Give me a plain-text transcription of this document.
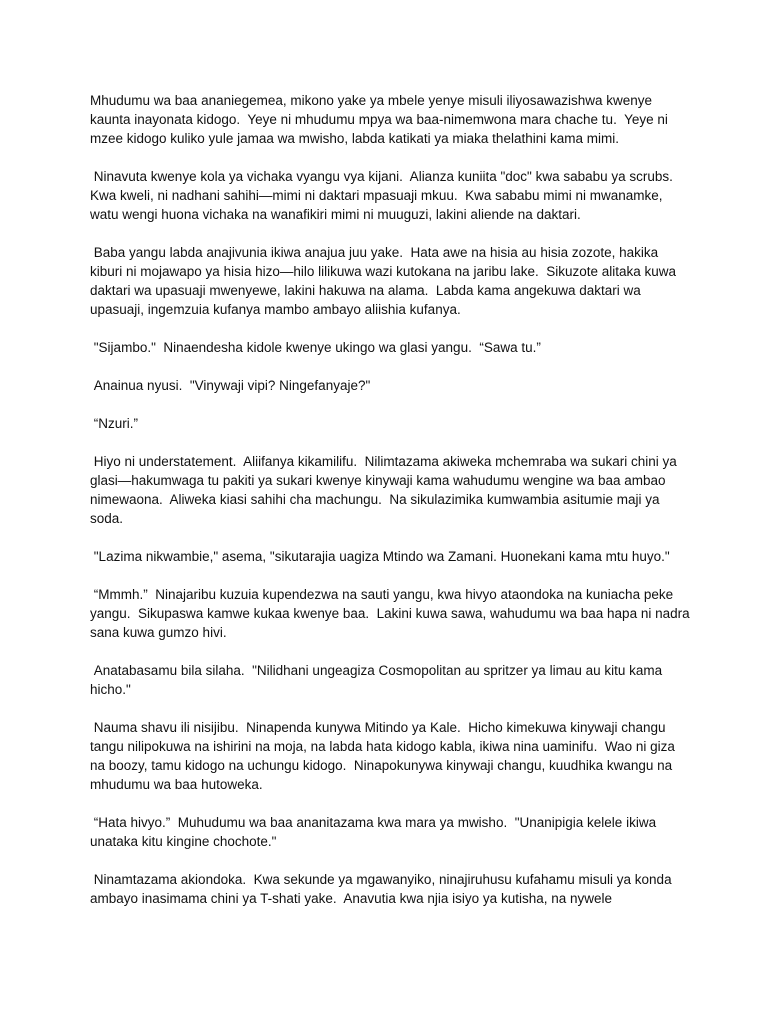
Mhudumu wa baa ananiegemea, mikono yake ya mbele yenye misuli iliyosawazishwa kwenye kaunta inayonata kidogo.  Yeye ni mhudumu mpya wa baa-nimemwona mara chache tu.  Yeye ni mzee kidogo kuliko yule jamaa wa mwisho, labda katikati ya miaka thelathini kama mimi.

Ninavuta kwenye kola ya vichaka vyangu vya kijani.  Alianza kuniita "doc" kwa sababu ya scrubs.  Kwa kweli, ni nadhani sahihi—mimi ni daktari mpasuaji mkuu.  Kwa sababu mimi ni mwanamke, watu wengi huona vichaka na wanafikiri mimi ni muuguzi, lakini aliende na daktari.

Baba yangu labda anajivunia ikiwa anajua juu yake.  Hata awe na hisia au hisia zozote, hakika kiburi ni mojawapo ya hisia hizo—hilo lilikuwa wazi kutokana na jaribu lake.  Sikuzote alitaka kuwa daktari wa upasuaji mwenyewe, lakini hakuwa na alama.  Labda kama angekuwa daktari wa upasuaji, ingemzuia kufanya mambo ambayo aliishia kufanya.

"Sijambo."  Ninaendesha kidole kwenye ukingo wa glasi yangu.  “Sawa tu.”

Anainua nyusi.  "Vinywaji vipi? Ningefanyaje?"

“Nzuri.”

Hiyo ni understatement.  Aliifanya kikamilifu.  Nilimtazama akiweka mchemraba wa sukari chini ya glasi—hakumwaga tu pakiti ya sukari kwenye kinywaji kama wahudumu wengine wa baa ambao nimewaona.  Aliweka kiasi sahihi cha machungu.  Na sikulazimika kumwambia asitumie maji ya soda.

"Lazima nikwambie," asema, "sikutarajia uagiza Mtindo wa Zamani. Huonekani kama mtu huyo."

“Mmmh.”  Ninajaribu kuzuia kupendezwa na sauti yangu, kwa hivyo ataondoka na kuniacha peke yangu.  Sikupaswa kamwe kukaa kwenye baa.  Lakini kuwa sawa, wahudumu wa baa hapa ni nadra sana kuwa gumzo hivi.

Anatabasamu bila silaha.  "Nilidhani ungeagiza Cosmopolitan au spritzer ya limau au kitu kama hicho."

Nauma shavu ili nisijibu.  Ninapenda kunywa Mitindo ya Kale.  Hicho kimekuwa kinywaji changu tangu nilipokuwa na ishirini na moja, na labda hata kidogo kabla, ikiwa nina uaminifu.  Wao ni giza na boozy, tamu kidogo na uchungu kidogo.  Ninapokunywa kinywaji changu, kuudhika kwangu na mhudumu wa baa hutoweka.

“Hata hivyo.”  Muhudumu wa baa ananitazama kwa mara ya mwisho.  "Unanipigia kelele ikiwa unataka kitu kingine chochote."

Ninamtazama akiondoka.  Kwa sekunde ya mgawanyiko, ninajiruhusu kufahamu misuli ya konda ambayo inasimama chini ya T-shati yake.  Anavutia kwa njia isiyo ya kutisha, na nywele
